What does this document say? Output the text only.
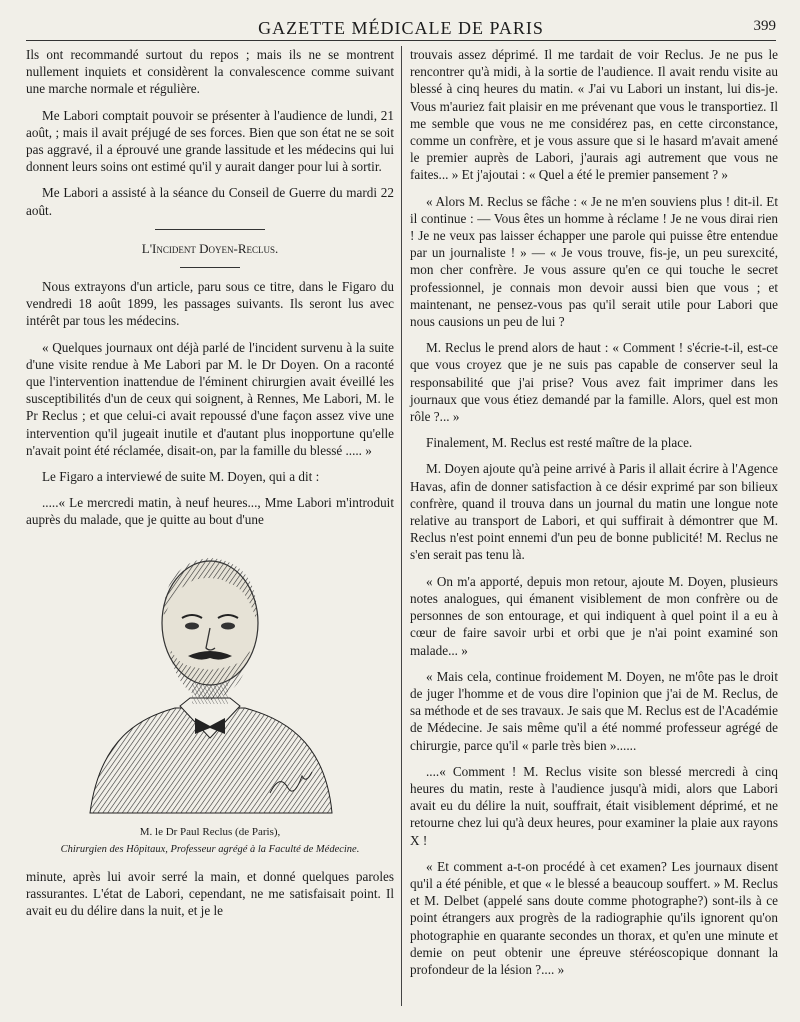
GAZETTE MÉDICALE DE PARIS	399

Ils ont recommandé surtout du repos ; mais ils ne se montrent nullement inquiets et considèrent la convalescence comme suivant une marche normale et régulière.

Me Labori comptait pouvoir se présenter à l'audience de lundi, 21 août, ; mais il avait préjugé de ses forces. Bien que son état ne se soit pas aggravé, il a éprouvé une grande lassitude et les médecins qui lui donnent leurs soins ont estimé qu'il y aurait danger pour lui à sortir.

Me Labori a assisté à la séance du Conseil de Guerre du mardi 22 août.

L'Incident Doyen-Reclus.

Nous extrayons d'un article, paru sous ce titre, dans le Figaro du vendredi 18 août 1899, les passages suivants. Ils seront lus avec intérêt par tous les médecins.

« Quelques journaux ont déjà parlé de l'incident survenu à la suite d'une visite rendue à Me Labori par M. le Dr Doyen. On a raconté que l'intervention inattendue de l'éminent chirurgien avait éveillé les susceptibilités d'un de ceux qui soignent, à Rennes, Me Labori, M. le Pr Reclus ; et que celui-ci avait repoussé d'une façon assez vive une intervention qu'il jugeait inutile et d'autant plus inopportune qu'elle n'avait point été réclamée, disait-on, par la famille du blessé ..... »

Le Figaro a interviewé de suite M. Doyen, qui a dit :

.....« Le mercredi matin, à neuf heures..., Mme Labori m'introduit auprès du malade, que je quitte au bout d'une

M. le Dr Paul Reclus (de Paris),
Chirurgien des Hôpitaux, Professeur agrégé à la Faculté de Médecine.

minute, après lui avoir serré la main, et donné quelques paroles rassurantes. L'état de Labori, cependant, ne me satisfaisait point. Il avait eu du délire dans la nuit, et je le

trouvais assez déprimé. Il me tardait de voir Reclus. Je ne pus le rencontrer qu'à midi, à la sortie de l'audience. Il avait rendu visite au blessé à cinq heures du matin. « J'ai vu Labori un instant, lui dis-je. Vous m'auriez fait plaisir en me prévenant que vous le transportiez. Il me semble que vous ne me considérez pas, en cette circonstance, comme un confrère, et je vous assure que si le hasard m'avait amené le premier auprès de Labori, j'aurais agi autrement que vous ne faites... » Et j'ajoutai : « Quel a été le premier pansement ? »

« Alors M. Reclus se fâche : « Je ne m'en souviens plus ! dit-il. Et il continue : — Vous êtes un homme à réclame ! Je ne vous dirai rien ! Je ne veux pas laisser échapper une parole qui puisse être entendue par un journaliste ! » — « Je vous trouve, fis-je, un peu surexcité, mon cher confrère. Je vous assure qu'en ce qui touche le secret professionnel, je connais mon devoir aussi bien que vous ; et maintenant, ne pensez-vous pas qu'il serait utile pour Labori que nous causions un peu de lui ?

M. Reclus le prend alors de haut : « Comment ! s'écrie-t-il, est-ce que vous croyez que je ne suis pas capable de conserver seul la responsabilité que j'ai prise? Vous avez fait imprimer dans les journaux que vous étiez demandé par la famille. Alors, quel est mon rôle ?... »

Finalement, M. Reclus est resté maître de la place.

M. Doyen ajoute qu'à peine arrivé à Paris il allait écrire à l'Agence Havas, afin de donner satisfaction à ce désir exprimé par son bilieux confrère, quand il trouva dans un journal du matin une longue note relative au transport de Labori, et qui suffirait à démontrer que M. Reclus n'est point ennemi d'un peu de bonne publicité! M. Reclus ne s'en serait pas tenu là.

« On m'a apporté, depuis mon retour, ajoute M. Doyen, plusieurs notes analogues, qui émanent visiblement de mon confrère ou de personnes de son entourage, et qui indiquent à quel point il a eu à cœur de faire savoir urbi et orbi que je n'ai point examiné son malade... »

« Mais cela, continue froidement M. Doyen, ne m'ôte pas le droit de juger l'homme et de vous dire l'opinion que j'ai de M. Reclus, de sa méthode et de ses travaux. Je sais que M. Reclus est de l'Académie de Médecine. Je sais même qu'il a été nommé professeur agrégé de chirurgie, parce qu'il « parle très bien »......

....« Comment ! M. Reclus visite son blessé mercredi à cinq heures du matin, reste à l'audience jusqu'à midi, alors que Labori avait eu du délire la nuit, souffrait, était visiblement déprimé, et ne retourne chez lui qu'à deux heures, pour examiner la plaie aux rayons X !

« Et comment a-t-on procédé à cet examen? Les journaux disent qu'il a été pénible, et que « le blessé a beaucoup souffert. » M. Reclus et M. Delbet (appelé sans doute comme photographe?) sont-ils à ce point étrangers aux progrès de la radiographie qu'ils ignorent qu'on photographie en quarante secondes un thorax, et qu'en une minute et demie on peut obtenir une épreuve stéréoscopique donnant la profondeur de la lésion ?.... »
